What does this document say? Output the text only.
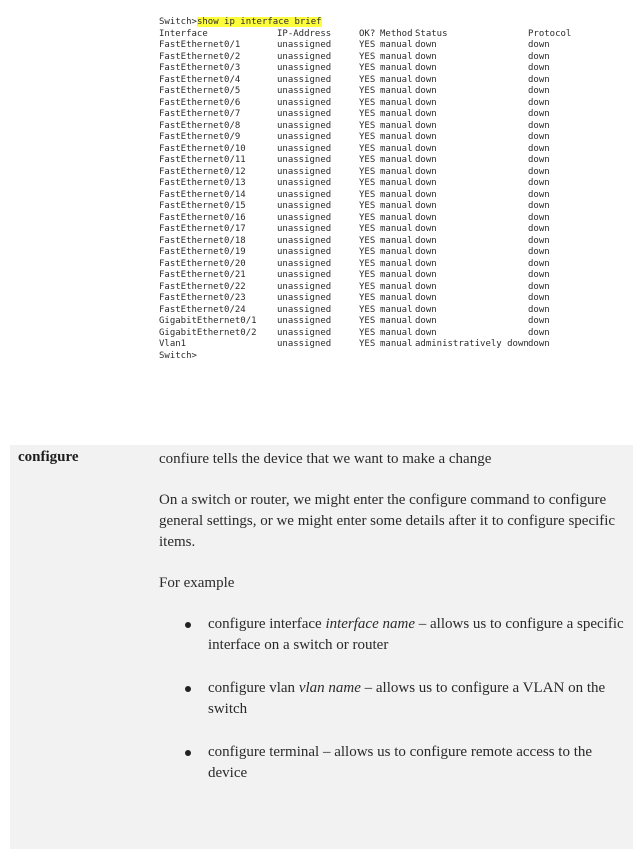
Switch>show ip interface brief
Interface	IP-Address	OK? Method Status	Protocol
FastEthernet0/1	unassigned	YES manual down	down
FastEthernet0/2	unassigned	YES manual down	down
FastEthernet0/3	unassigned	YES manual down	down
FastEthernet0/4	unassigned	YES manual down	down
FastEthernet0/5	unassigned	YES manual down	down
FastEthernet0/6	unassigned	YES manual down	down
FastEthernet0/7	unassigned	YES manual down	down
FastEthernet0/8	unassigned	YES manual down	down
FastEthernet0/9	unassigned	YES manual down	down
FastEthernet0/10	unassigned	YES manual down	down
FastEthernet0/11	unassigned	YES manual down	down
FastEthernet0/12	unassigned	YES manual down	down
FastEthernet0/13	unassigned	YES manual down	down
FastEthernet0/14	unassigned	YES manual down	down
FastEthernet0/15	unassigned	YES manual down	down
FastEthernet0/16	unassigned	YES manual down	down
FastEthernet0/17	unassigned	YES manual down	down
FastEthernet0/18	unassigned	YES manual down	down
FastEthernet0/19	unassigned	YES manual down	down
FastEthernet0/20	unassigned	YES manual down	down
FastEthernet0/21	unassigned	YES manual down	down
FastEthernet0/22	unassigned	YES manual down	down
FastEthernet0/23	unassigned	YES manual down	down
FastEthernet0/24	unassigned	YES manual down	down
GigabitEthernet0/1	unassigned	YES manual down	down
GigabitEthernet0/2	unassigned	YES manual down	down
Vlan1	unassigned	YES manual administratively down down
Switch>
configure	confiure tells the device that we want to make a change

On a switch or router, we might enter the configure command to configure general settings, or we might enter some details after it to configure specific items.

For example

configure interface interface name – allows us to configure a specific interface on a switch or router
configure vlan vlan name – allows us to configure a VLAN on the switch
configure terminal – allows us to configure remote access to the device
